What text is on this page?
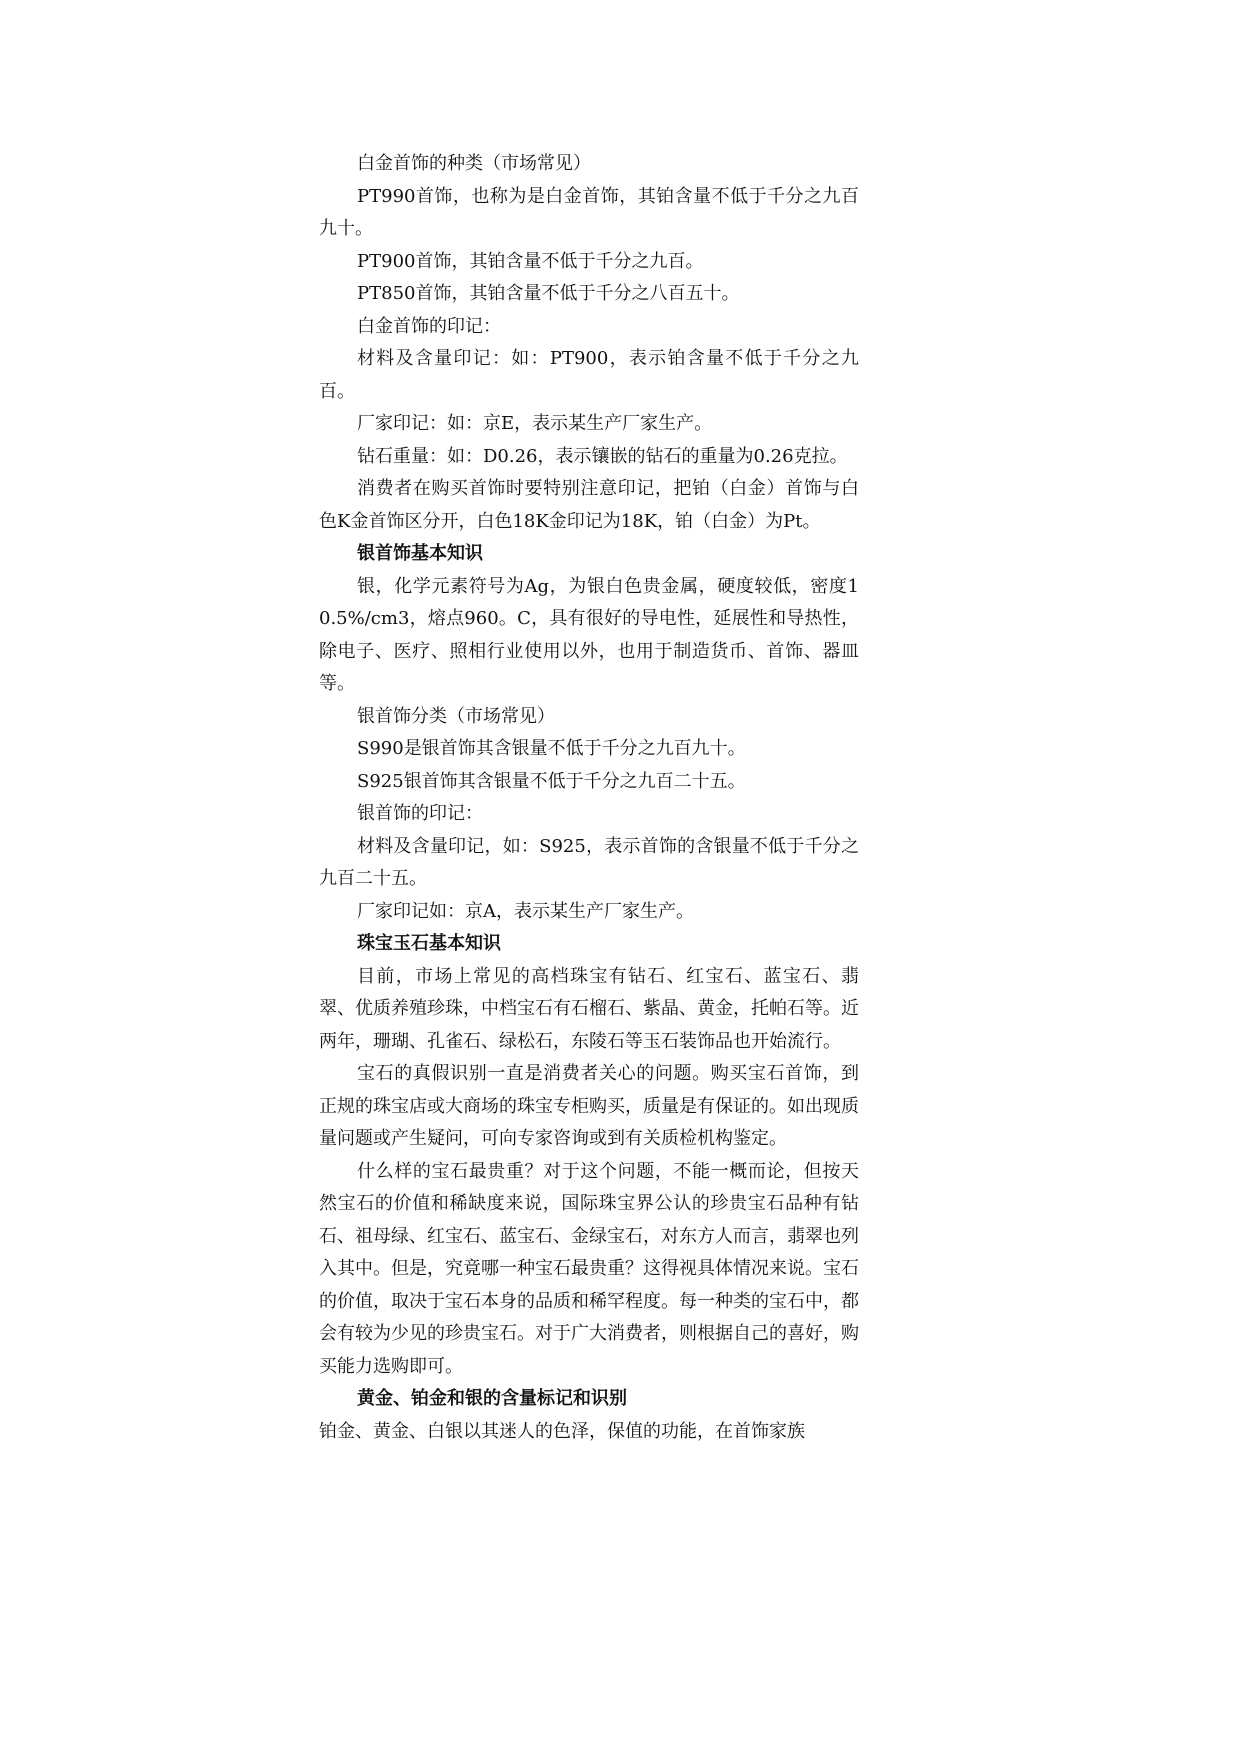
白金首饰的种类（市场常见）

PT990首饰，也称为是白金首饰，其铂含量不低于千分之九百九十。

PT900首饰，其铂含量不低于千分之九百。

PT850首饰，其铂含量不低于千分之八百五十。

白金首饰的印记：

材料及含量印记：如：PT900，表示铂含量不低于千分之九百。

厂家印记：如：京E，表示某生产厂家生产。

钻石重量：如：D0.26，表示镶嵌的钻石的重量为0.26克拉。

消费者在购买首饰时要特别注意印记，把铂（白金）首饰与白色K金首饰区分开，白色18K金印记为18K，铂（白金）为Pt。

银首饰基本知识

银，化学元素符号为Ag，为银白色贵金属，硬度较低，密度10.5%/cm3，熔点960。C，具有很好的导电性，延展性和导热性，除电子、医疗、照相行业使用以外，也用于制造货币、首饰、器皿等。

银首饰分类（市场常见）

S990是银首饰其含银量不低于千分之九百九十。

S925银首饰其含银量不低于千分之九百二十五。

银首饰的印记：

材料及含量印记，如：S925，表示首饰的含银量不低于千分之九百二十五。

厂家印记如：京A，表示某生产厂家生产。

珠宝玉石基本知识

目前，市场上常见的高档珠宝有钻石、红宝石、蓝宝石、翡翠、优质养殖珍珠，中档宝石有石榴石、紫晶、黄金，托帕石等。近两年，珊瑚、孔雀石、绿松石，东陵石等玉石装饰品也开始流行。

宝石的真假识别一直是消费者关心的问题。购买宝石首饰，到正规的珠宝店或大商场的珠宝专柜购买，质量是有保证的。如出现质量问题或产生疑问，可向专家咨询或到有关质检机构鉴定。

什么样的宝石最贵重？对于这个问题，不能一概而论，但按天然宝石的价值和稀缺度来说，国际珠宝界公认的珍贵宝石品种有钻石、祖母绿、红宝石、蓝宝石、金绿宝石，对东方人而言，翡翠也列入其中。但是，究竟哪一种宝石最贵重？这得视具体情况来说。宝石的价值，取决于宝石本身的品质和稀罕程度。每一种类的宝石中，都会有较为少见的珍贵宝石。对于广大消费者，则根据自己的喜好，购买能力选购即可。

黄金、铂金和银的含量标记和识别

铂金、黄金、白银以其迷人的色泽，保值的功能，在首饰家族
